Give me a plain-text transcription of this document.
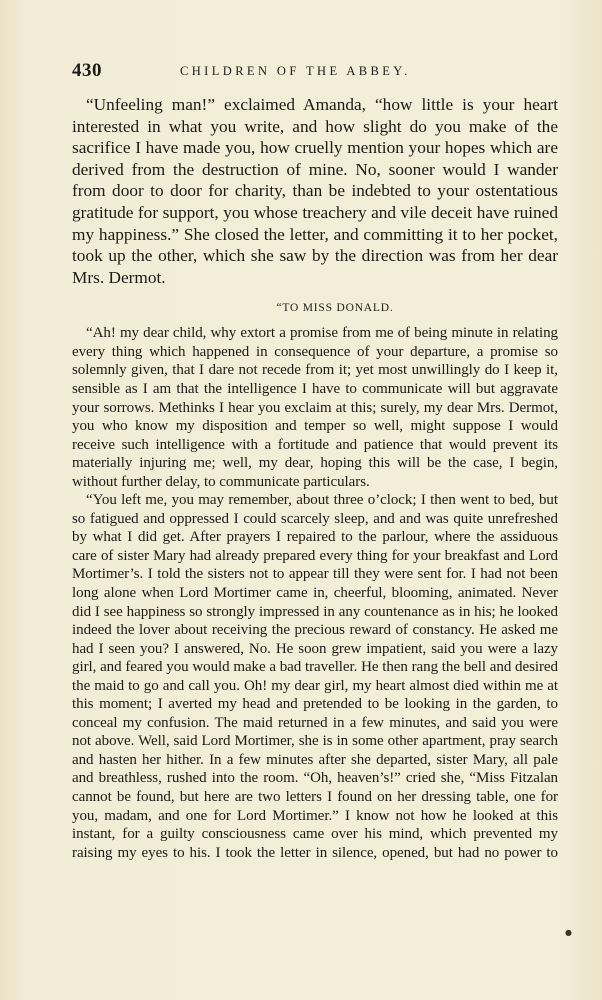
430	CHILDREN OF THE ABBEY.

“Unfeeling man!” exclaimed Amanda, “how little is your heart interested in what you write, and how slight do you make of the sacrifice I have made you, how cruelly mention your hopes which are derived from the destruction of mine. No, sooner would I wander from door to door for charity, than be indebted to your ostentatious gratitude for support, you whose treachery and vile deceit have ruined my happiness.” She closed the letter, and committing it to her pocket, took up the other, which she saw by the direction was from her dear Mrs. Dermot.

“TO MISS DONALD.

“Ah! my dear child, why extort a promise from me of being minute in relating every thing which happened in consequence of your departure, a promise so solemnly given, that I dare not recede from it; yet most unwillingly do I keep it, sensible as I am that the intelligence I have to communicate will but aggravate your sorrows. Methinks I hear you exclaim at this; surely, my dear Mrs. Dermot, you who know my disposition and temper so well, might suppose I would receive such intelligence with a fortitude and patience that would prevent its materially injuring me; well, my dear, hoping this will be the case, I begin, without further delay, to communicate particulars.

“You left me, you may remember, about three o’clock; I then went to bed, but so fatigued and oppressed I could scarcely sleep, and and was quite unrefreshed by what I did get. After prayers I repaired to the parlour, where the assiduous care of sister Mary had already prepared every thing for your breakfast and Lord Mortimer’s. I told the sisters not to appear till they were sent for. I had not been long alone when Lord Mortimer came in, cheerful, blooming, animated. Never did I see happiness so strongly impressed in any countenance as in his; he looked indeed the lover about receiving the precious reward of constancy. He asked me had I seen you? I answered, No. He soon grew impatient, said you were a lazy girl, and feared you would make a bad traveller. He then rang the bell and desired the maid to go and call you. Oh! my dear girl, my heart almost died within me at this moment; I averted my head and pretended to be looking in the garden, to conceal my confusion. The maid returned in a few minutes, and said you were not above. Well, said Lord Mortimer, she is in some other apartment, pray search and hasten her hither. In a few minutes after she departed, sister Mary, all pale and breathless, rushed into the room. “Oh, heaven’s!” cried she, “Miss Fitzalan cannot be found, but here are two letters I found on her dressing table, one for you, madam, and one for Lord Mortimer.” I know not how he looked at this instant, for a guilty consciousness came over his mind, which prevented my raising my eyes to his. I took the letter in silence, opened, but had no power to

●
